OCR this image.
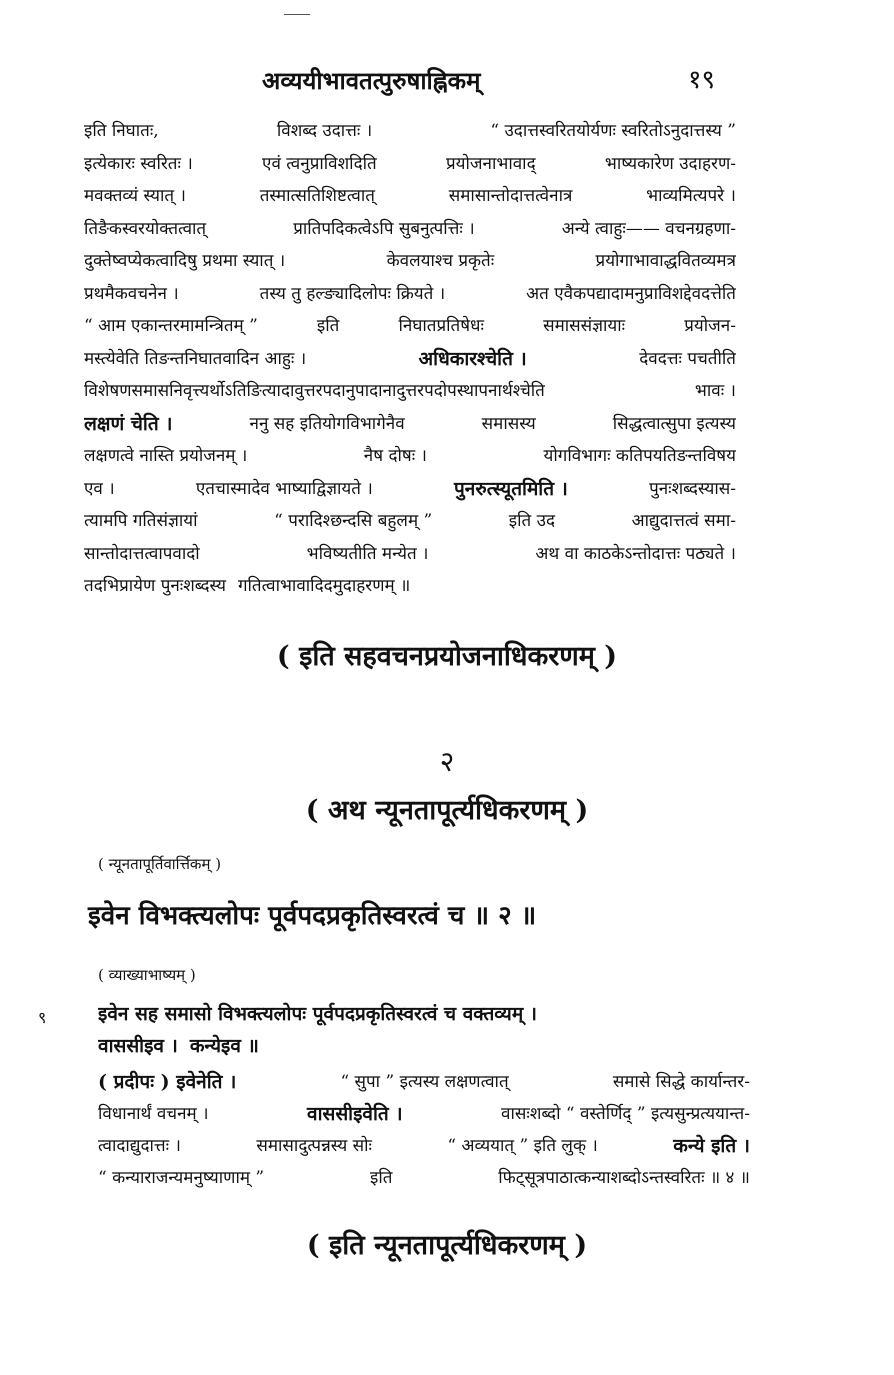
अव्ययीभावतत्पुरुषाह्निकम्	१९
इति निघातः,	विशब्द उदात्तः ।	“ उदात्तस्वरितयोर्यणः स्वरितोऽनुदात्तस्य ”
इत्येकारः स्वरितः ।	एवं त्वनुप्राविशदिति	प्रयोजनाभावाद्	भाष्यकारेण उदाहरण-
मवक्तव्यं स्यात् ।	तस्मात्सतिशिष्टत्वात्	समासान्तोदात्तत्वेनात्र	भाव्यमित्यपरे ।
तिङैकस्वरयोक्तत्वात्	प्रातिपदिकत्वेऽपि सुबनुत्पत्तिः ।	अन्ये त्वाहुः—— वचनग्रहणा-
दुक्तेष्वप्येकत्वादिषु प्रथमा स्यात् ।	केवलयाश्च प्रकृतेः	प्रयोगाभावाद्धवितव्यमत्र
प्रथमैकवचनेन ।	तस्य तु हल्ङ्यादिलोपः क्रियते ।	अत एवैकपद्यादामनुप्राविशद्देवदत्तेति
“ आम एकान्तरमामन्त्रितम् ”	इति	निघातप्रतिषेधः	समाससंज्ञायाः	प्रयोजन-
मस्त्येवेति तिङन्तनिघातवादिन आहुः ।	अधिकारश्चेति ।	देवदत्तः पचतीति
विशेषणसमासनिवृत्त्यर्थोऽतिङित्यादावुत्तरपदानुपादानादुत्तरपदोपस्थापनार्थश्चेति	भावः ।
लक्षणं चेति ।	ननु सह इतियोगविभागेनैव	समासस्य	सिद्धत्वात्सुपा इत्यस्य
लक्षणत्वे नास्ति प्रयोजनम् ।	नैष दोषः ।	योगविभागः कतिपयतिङन्तविषय
एव ।	एतचास्मादेव भाष्याद्विज्ञायते ।	पुनरुत्स्यूतमिति ।	पुनःशब्दस्यास-
त्यामपि गतिसंज्ञायां	“ परादिश्छन्दसि बहुलम् ”	इति उद	आद्युदात्तत्वं समा-
सान्तोदात्तत्वापवादो	भविष्यतीति मन्येत ।	अथ वा काठकेऽन्तोदात्तः पठ्यते ।
तदभिप्रायेण पुनःशब्दस्य गतित्वाभावादिदमुदाहरणम् ॥
( इति सहवचनप्रयोजनाधिकरणम् )
२
( अथ न्यूनतापूर्त्यधिकरणम् )
( न्यूनतापूर्तिवार्त्तिकम् )
इवेन विभक्त्यलोपः पूर्वपदप्रकृतिस्वरत्वं च ॥ २ ॥
( व्याख्याभाष्यम् )
९	इवेन सह समासो विभक्त्यलोपः पूर्वपदप्रकृतिस्वरत्वं च वक्तव्यम् ।
वाससीइव । कन्येइव ॥
( प्रदीपः ) इवेनेति ।	“ सुपा ” इत्यस्य लक्षणत्वात्	समासे सिद्धे कार्यान्तर-
विधानार्थं वचनम् ।	वाससीइवेति ।	वासःशब्दो “ वस्तेर्णिद् ” इत्यसुन्प्रत्ययान्त-
त्वादाद्युदात्तः ।	समासादुत्पन्नस्य सोः	“ अव्ययात् ” इति लुक् ।	कन्ये इति ।
“ कन्याराजन्यमनुष्याणाम् ”	इति	फिट्सूत्रपाठात्कन्याशब्दोऽन्तस्वरितः ॥ ४ ॥
( इति न्यूनतापूर्त्यधिकरणम् )
